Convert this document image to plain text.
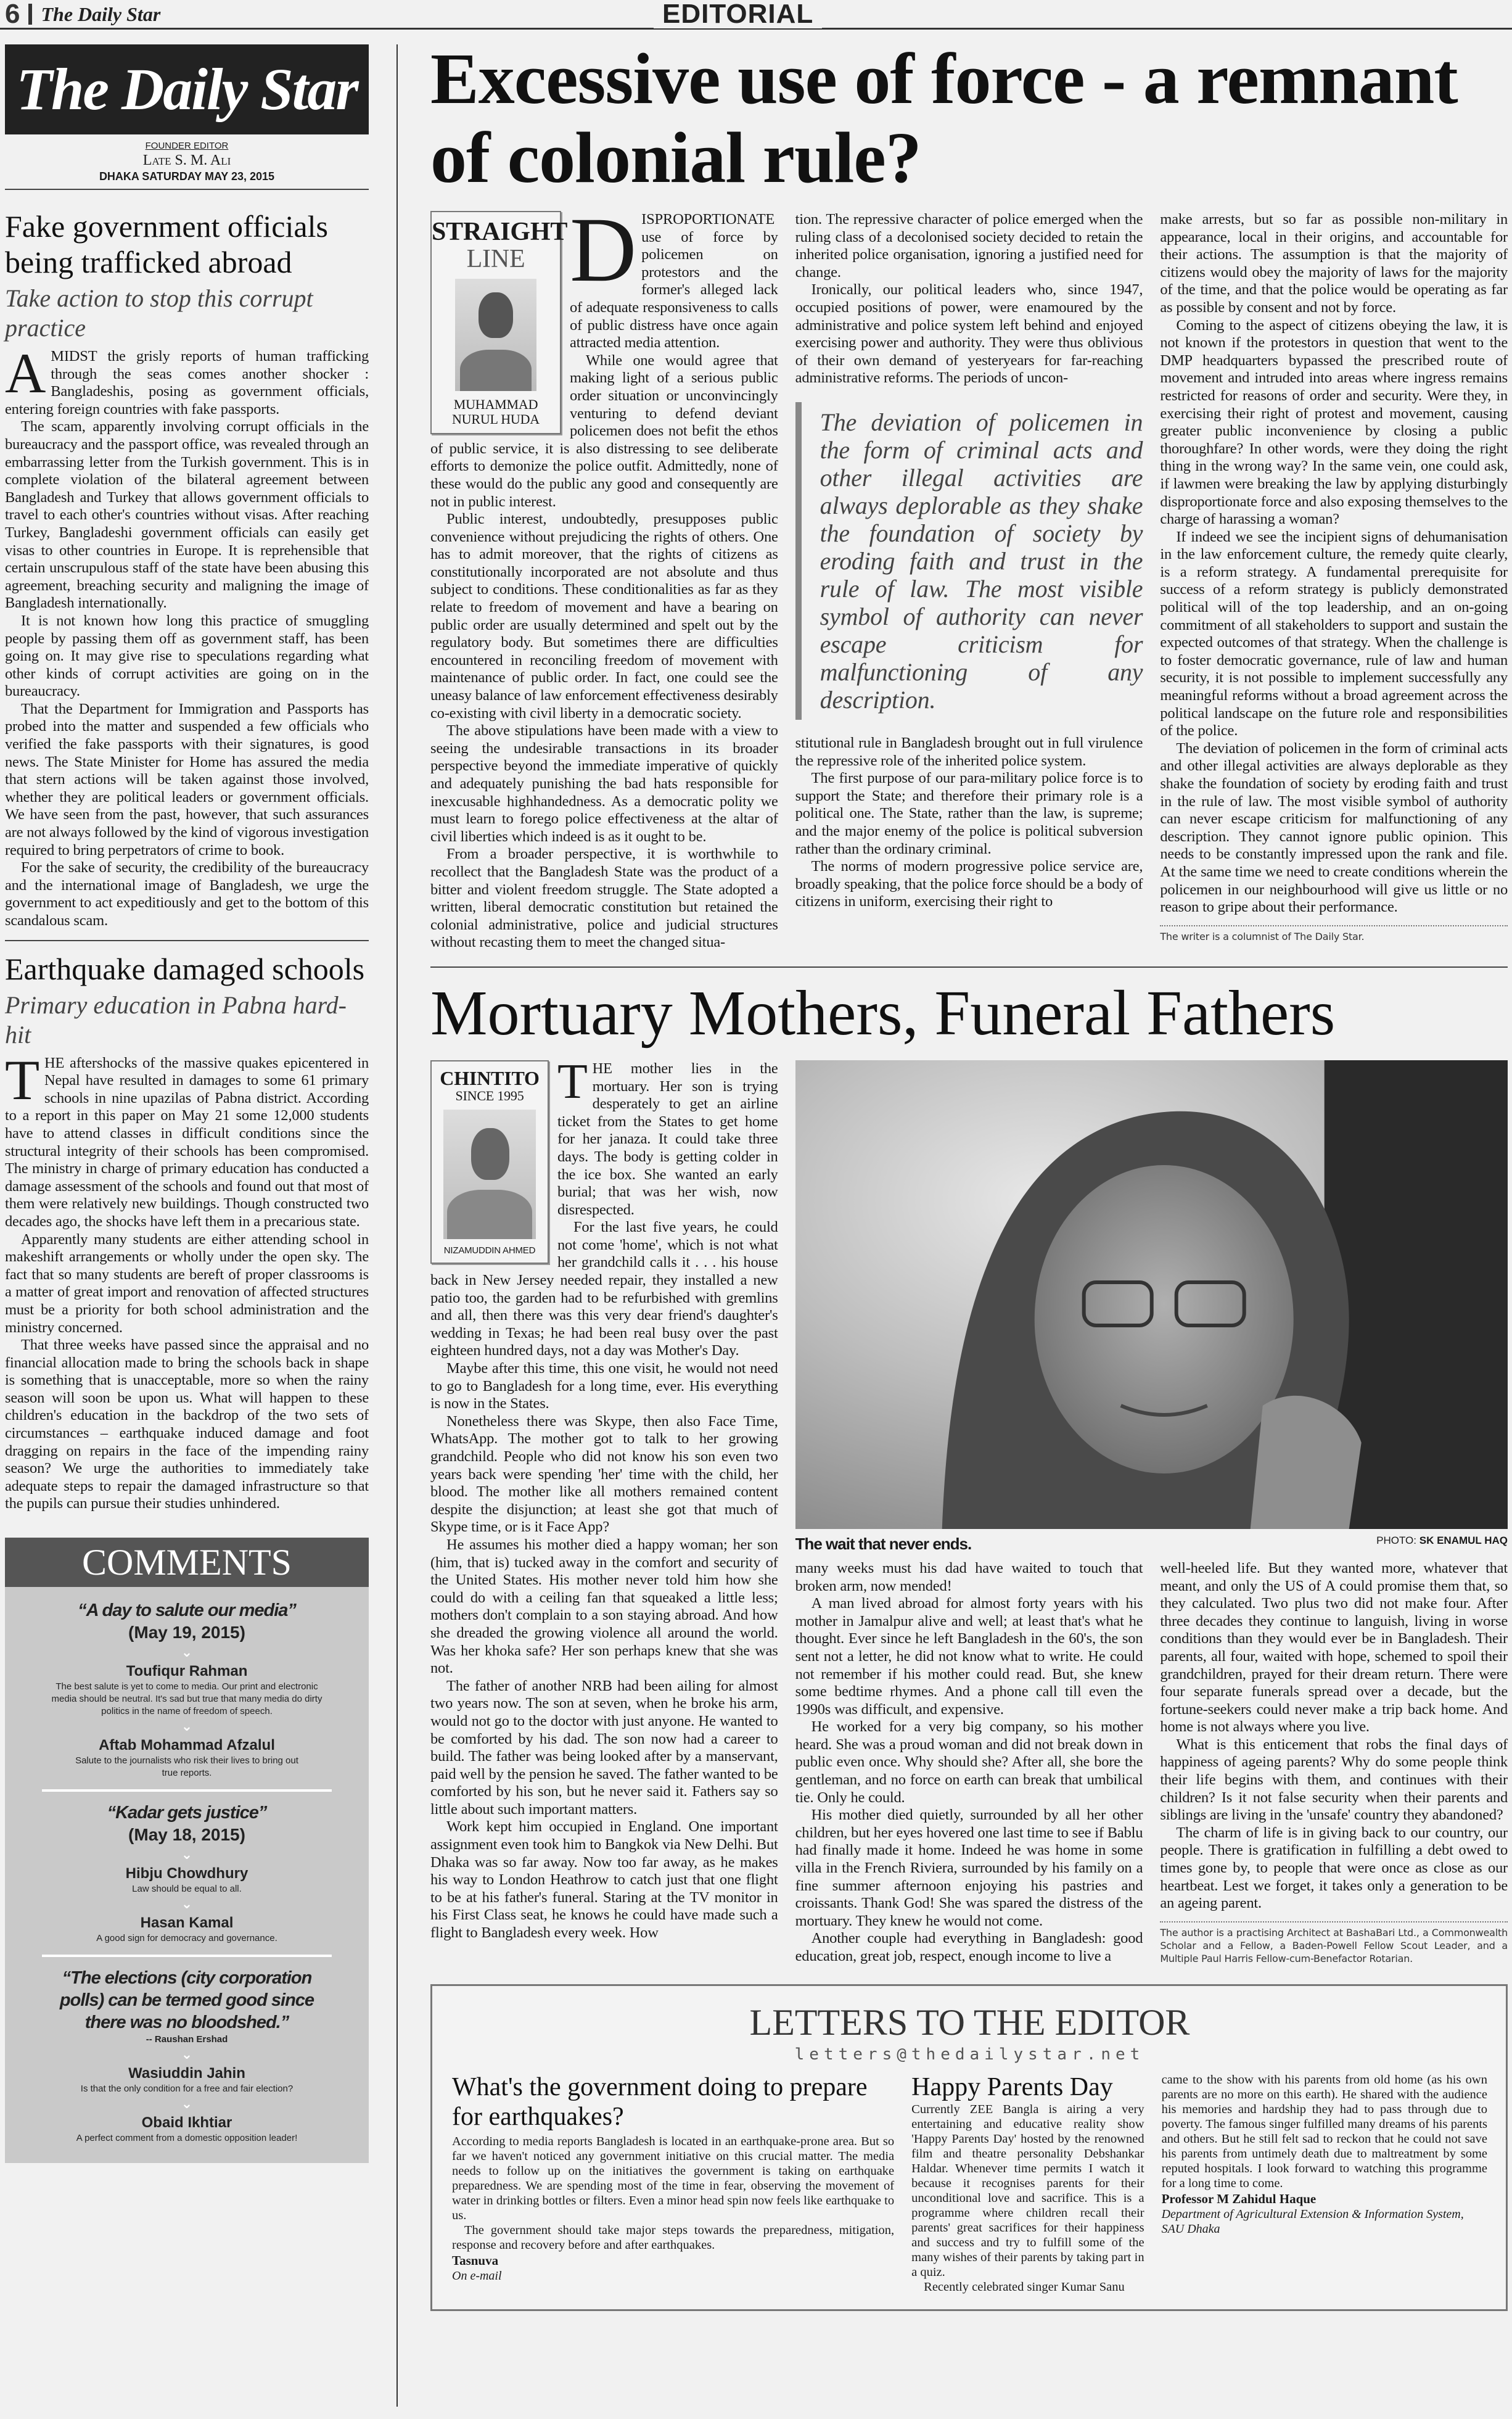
6 The Daily Star	EDITORIAL
The Daily Star
FOUNDER EDITOR
Late S. M. Ali
DHAKA SATURDAY MAY 23, 2015
Fake government officials being trafficked abroad
Take action to stop this corrupt practice

AMIDST the grisly reports of human trafficking through the seas comes another shocker : Bangladeshis, posing as government officials, entering foreign countries with fake passports.

The scam, apparently involving corrupt officials in the bureaucracy and the passport office, was revealed through an embarrassing letter from the Turkish government. This is in complete violation of the bilateral agreement between Bangladesh and Turkey that allows government officials to travel to each other's countries without visas. After reaching Turkey, Bangladeshi government officials can easily get visas to other countries in Europe. It is reprehensible that certain unscrupulous staff of the state have been abusing this agreement, breaching security and maligning the image of Bangladesh internationally.

It is not known how long this practice of smuggling people by passing them off as government staff, has been going on. It may give rise to speculations regarding what other kinds of corrupt activities are going on in the bureaucracy.

That the Department for Immigration and Passports has probed into the matter and suspended a few officials who verified the fake passports with their signatures, is good news. The State Minister for Home has assured the media that stern actions will be taken against those involved, whether they are political leaders or government officials. We have seen from the past, however, that such assurances are not always followed by the kind of vigorous investigation required to bring perpetrators of crime to book.

For the sake of security, the credibility of the bureaucracy and the international image of Bangladesh, we urge the government to act expeditiously and get to the bottom of this scandalous scam.

Earthquake damaged schools
Primary education in Pabna hard-hit

THE aftershocks of the massive quakes epicentered in Nepal have resulted in damages to some 61 primary schools in nine upazilas of Pabna district. According to a report in this paper on May 21 some 12,000 students have to attend classes in difficult conditions since the structural integrity of their schools has been compromised. The ministry in charge of primary education has conducted a damage assessment of the schools and found out that most of them were relatively new buildings. Though constructed two decades ago, the shocks have left them in a precarious state.

Apparently many students are either attending school in makeshift arrangements or wholly under the open sky. The fact that so many students are bereft of proper classrooms is a matter of great import and renovation of affected structures must be a priority for both school administration and the ministry concerned.

That three weeks have passed since the appraisal and no financial allocation made to bring the schools back in shape is something that is unacceptable, more so when the rainy season will soon be upon us. What will happen to these children's education in the backdrop of the two sets of circumstances – earthquake induced damage and foot dragging on repairs in the face of the impending rainy season? We urge the authorities to immediately take adequate steps to repair the damaged infrastructure so that the pupils can pursue their studies unhindered.

COMMENTS
“A day to salute our media”
(May 19, 2015)
⌄
Toufiqur Rahman
The best salute is yet to come to media. Our print and electronic media should be neutral. It's sad but true that many media do dirty politics in the name of freedom of speech.
⌄
Aftab Mohammad Afzalul
Salute to the journalists who risk their lives to bring out true reports.
“Kadar gets justice”
(May 18, 2015)
⌄
Hibju Chowdhury
Law should be equal to all.
⌄
Hasan Kamal
A good sign for democracy and governance.
“The elections (city corporation polls) can be termed good since there was no bloodshed.”
-- Raushan Ershad
⌄
Wasiuddin Jahin
Is that the only condition for a free and fair election?
⌄
Obaid Ikhtiar
A perfect comment from a domestic opposition leader!
Excessive use of force - a remnant of colonial rule?
STRAIGHT
LINE
MUHAMMAD NURUL HUDA

DISPROPORTIONATE use of force by policemen on protestors and the former's alleged lack of adequate responsiveness to calls of public distress have once again attracted media attention.

While one would agree that making light of a serious public order situation or unconvincingly venturing to defend deviant policemen does not befit the ethos of public service, it is also distressing to see deliberate efforts to demonize the police outfit. Admittedly, none of these would do the public any good and consequently are not in public interest.

Public interest, undoubtedly, presupposes public convenience without prejudicing the rights of others. One has to admit moreover, that the rights of citizens as constitutionally incorporated are not absolute and thus subject to conditions. These conditionalities as far as they relate to freedom of movement and have a bearing on public order are usually determined and spelt out by the regulatory body. But sometimes there are difficulties encountered in reconciling freedom of movement with maintenance of public order. In fact, one could see the uneasy balance of law enforcement effectiveness desirably co-existing with civil liberty in a democratic society.

The above stipulations have been made with a view to seeing the undesirable transactions in its broader perspective beyond the immediate imperative of quickly and adequately punishing the bad hats responsible for inexcusable highhandedness. As a democratic polity we must learn to forego police effectiveness at the altar of civil liberties which indeed is as it ought to be.

From a broader perspective, it is worthwhile to recollect that the Bangladesh State was the product of a bitter and violent freedom struggle. The State adopted a written, liberal democratic constitution but retained the colonial administrative, police and judicial structures without recasting them to meet the changed situa-

tion. The repressive character of police emerged when the ruling class of a decolonised society decided to retain the inherited police organisation, ignoring a justified need for change.

Ironically, our political leaders who, since 1947, occupied positions of power, were enamoured by the administrative and police system left behind and enjoyed exercising power and authority. They were thus oblivious of their own demand of yesteryears for far-reaching administrative reforms. The periods of uncon-

The deviation of policemen in the form of criminal acts and other illegal activities are always deplorable as they shake the foundation of society by eroding faith and trust in the rule of law. The most visible symbol of authority can never escape criticism for malfunctioning of any description.

stitutional rule in Bangladesh brought out in full virulence the repressive role of the inherited police system.

The first purpose of our para-military police force is to support the State; and therefore their primary role is a political one. The State, rather than the law, is supreme; and the major enemy of the police is political subversion rather than the ordinary criminal.

The norms of modern progressive police service are, broadly speaking, that the police force should be a body of citizens in uniform, exercising their right to

make arrests, but so far as possible non-military in appearance, local in their origins, and accountable for their actions. The assumption is that the majority of citizens would obey the majority of laws for the majority of the time, and that the police would be operating as far as possible by consent and not by force.

Coming to the aspect of citizens obeying the law, it is not known if the protestors in question that went to the DMP headquarters bypassed the prescribed route of movement and intruded into areas where ingress remains restricted for reasons of order and security. Were they, in exercising their right of protest and movement, causing greater public inconvenience by closing a public thoroughfare? In other words, were they doing the right thing in the wrong way? In the same vein, one could ask, if lawmen were breaking the law by applying disturbingly disproportionate force and also exposing themselves to the charge of harassing a woman?

If indeed we see the incipient signs of dehumanisation in the law enforcement culture, the remedy quite clearly, is a reform strategy. A fundamental prerequisite for success of a reform strategy is publicly demonstrated political will of the top leadership, and an on-going commitment of all stakeholders to support and sustain the expected outcomes of that strategy. When the challenge is to foster democratic governance, rule of law and human security, it is not possible to implement successfully any meaningful reforms without a broad agreement across the political landscape on the future role and responsibilities of the police.

The deviation of policemen in the form of criminal acts and other illegal activities are always deplorable as they shake the foundation of society by eroding faith and trust in the rule of law. The most visible symbol of authority can never escape criticism for malfunctioning of any description. They cannot ignore public opinion. This needs to be constantly impressed upon the rank and file. At the same time we need to create conditions wherein the policemen in our neighbourhood will give us little or no reason to gripe about their performance.

The writer is a columnist of The Daily Star.
Mortuary Mothers, Funeral Fathers
CHINTITO
SINCE 1995
NIZAMUDDIN AHMED

THE mother lies in the mortuary. Her son is trying desperately to get an airline ticket from the States to get home for her janaza. It could take three days. The body is getting colder in the ice box. She wanted an early burial; that was her wish, now disrespected.

For the last five years, he could not come 'home', which is not what her grandchild calls it . . . his house back in New Jersey needed repair, they installed a new patio too, the garden had to be refurbished with gremlins and all, then there was this very dear friend's daughter's wedding in Texas; he had been real busy over the past eighteen hundred days, not a day was Mother's Day.

Maybe after this time, this one visit, he would not need to go to Bangladesh for a long time, ever. His everything is now in the States.

Nonetheless there was Skype, then also Face Time, WhatsApp. The mother got to talk to her growing grandchild. People who did not know his son even two years back were spending 'her' time with the child, her blood. The mother like all mothers remained content despite the disjunction; at least she got that much of Skype time, or is it Face App?

He assumes his mother died a happy woman; her son (him, that is) tucked away in the comfort and security of the United States. His mother never told him how she could do with a ceiling fan that squeaked a little less; mothers don't complain to a son staying abroad. And how she dreaded the growing violence all around the world. Was her khoka safe? Her son perhaps knew that she was not.

The father of another NRB had been ailing for almost two years now. The son at seven, when he broke his arm, would not go to the doctor with just anyone. He wanted to be comforted by his dad. The son now had a career to build. The father was being looked after by a manservant, paid well by the pension he saved. The father wanted to be comforted by his son, but he never said it. Fathers say so little about such important matters.

Work kept him occupied in England. One important assignment even took him to Bangkok via New Delhi. But Dhaka was so far away. Now too far away, as he makes his way to London Heathrow to catch just that one flight to be at his father's funeral. Staring at the TV monitor in his First Class seat, he knows he could have made such a flight to Bangladesh every week. How

The wait that never ends.	PHOTO: SK ENAMUL HAQ

many weeks must his dad have waited to touch that broken arm, now mended!

A man lived abroad for almost forty years with his mother in Jamalpur alive and well; at least that's what he thought. Ever since he left Bangladesh in the 60's, the son sent not a letter, he did not know what to write. He could not remember if his mother could read. But, she knew some bedtime rhymes. And a phone call till even the 1990s was difficult, and expensive.

He worked for a very big company, so his mother heard. She was a proud woman and did not break down in public even once. Why should she? After all, she bore the gentleman, and no force on earth can break that umbilical tie. Only he could.

His mother died quietly, surrounded by all her other children, but her eyes hovered one last time to see if Bablu had finally made it home. Indeed he was home in some villa in the French Riviera, surrounded by his family on a fine summer afternoon enjoying his pastries and croissants. Thank God! She was spared the distress of the mortuary. They knew he would not come.

Another couple had everything in Bangladesh: good education, great job, respect, enough income to live a

well-heeled life. But they wanted more, whatever that meant, and only the US of A could promise them that, so they calculated. Two plus two did not make four. After three decades they continue to languish, living in worse conditions than they would ever be in Bangladesh. Their parents, all four, waited with hope, schemed to spoil their grandchildren, prayed for their dream return. There were four separate funerals spread over a decade, but the fortune-seekers could never make a trip back home. And home is not always where you live.

What is this enticement that robs the final days of happiness of ageing parents? Why do some people think their life begins with them, and continues with their children? Is it not false security when their parents and siblings are living in the 'unsafe' country they abandoned?

The charm of life is in giving back to our country, our people. There is gratification in fulfilling a debt owed to times gone by, to people that were once as close as our heartbeat. Lest we forget, it takes only a generation to be an ageing parent.

The author is a practising Architect at BashaBari Ltd., a Commonwealth Scholar and a Fellow, a Baden-Powell Fellow Scout Leader, and a Multiple Paul Harris Fellow-cum-Benefactor Rotarian.
LETTERS TO THE EDITOR
letters@thedailystar.net
What's the government doing to prepare for earthquakes?

According to media reports Bangladesh is located in an earthquake-prone area. But so far we haven't noticed any government initiative on this crucial matter. The media needs to follow up on the initiatives the government is taking on earthquake preparedness. We are spending most of the time in fear, observing the movement of water in drinking bottles or filters. Even a minor head spin now feels like earthquake to us.

The government should take major steps towards the preparedness, mitigation, response and recovery before and after earthquakes.

Tasnuva
On e-mail
Happy Parents Day

Currently ZEE Bangla is airing a very entertaining and educative reality show 'Happy Parents Day' hosted by the renowned film and theatre personality Debshankar Haldar. Whenever time permits I watch it because it recognises parents for their unconditional love and sacrifice. This is a programme where children recall their parents' great sacrifices for their happiness and success and try to fulfill some of the many wishes of their parents by taking part in a quiz.

Recently celebrated singer Kumar Sanu

came to the show with his parents from old home (as his own parents are no more on this earth). He shared with the audience his memories and hardship they had to pass through due to poverty. The famous singer fulfilled many dreams of his parents and others. But he still felt sad to reckon that he could not save his parents from untimely death due to maltreatment by some reputed hospitals. I look forward to watching this programme for a long time to come.

Professor M Zahidul Haque
Department of Agricultural Extension & Information System, SAU Dhaka
